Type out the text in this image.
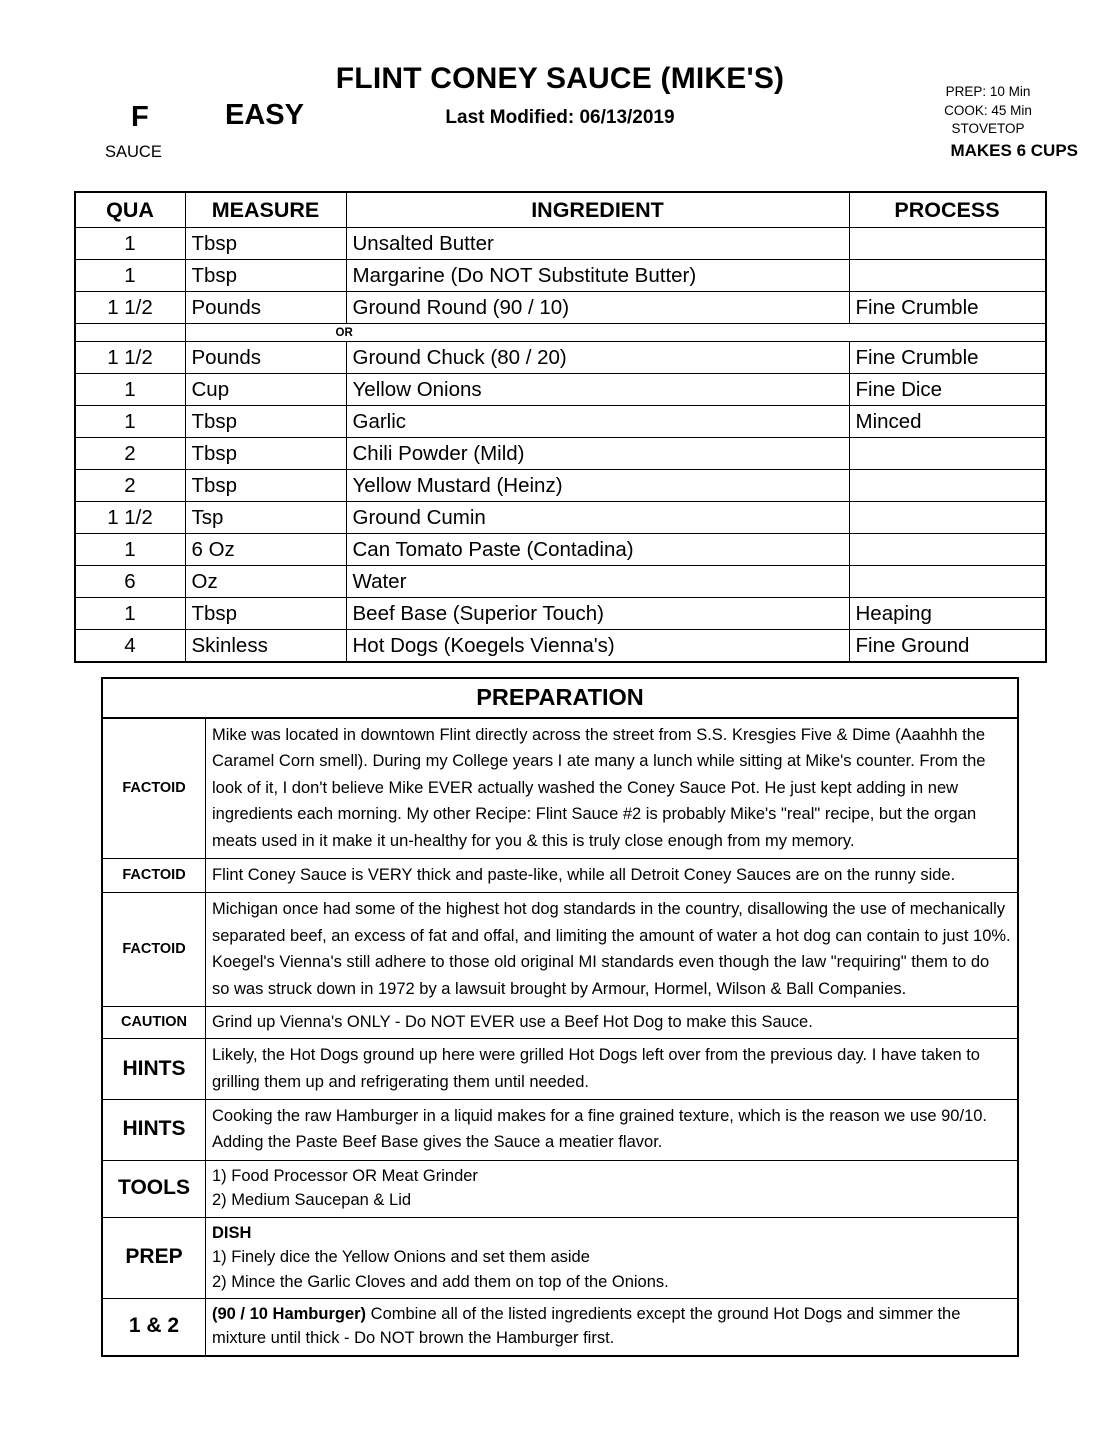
FLINT CONEY SAUCE (MIKE'S)
Last Modified: 06/13/2019
F	EASY
PREP: 10 Min
COOK: 45 Min
STOVETOP
SAUCE	MAKES 6 CUPS
QUA	MEASURE	INGREDIENT	PROCESS
1	Tbsp	Unsalted Butter	
1	Tbsp	Margarine (Do NOT Substitute Butter)	
1 1/2	Pounds	Ground Round (90 / 10)	Fine Crumble

	OR		

1 1/2	Pounds	Ground Chuck (80 / 20)	Fine Crumble
1	Cup	Yellow Onions	Fine Dice
1	Tbsp	Garlic	Minced
2	Tbsp	Chili Powder (Mild)	
2	Tbsp	Yellow Mustard (Heinz)	
1 1/2	Tsp	Ground Cumin	
1	6 Oz	Can Tomato Paste (Contadina)	
6	Oz	Water	
1	Tbsp	Beef Base (Superior Touch)	Heaping
4	Skinless	Hot Dogs (Koegels Vienna's)	Fine Ground
PREPARATION
FACTOID	Mike was located in downtown Flint directly across the street from S.S. Kresgies Five & Dime (Aaahhh the Caramel Corn smell). During my College years I ate many a lunch while sitting at Mike's counter. From the look of it, I don't believe Mike EVER actually washed the Coney Sauce Pot. He just kept adding in new ingredients each morning. My other Recipe: Flint Sauce #2 is probably Mike's "real" recipe, but the organ meats used in it make it un-healthy for you & this is truly close enough from my memory.
FACTOID	Flint Coney Sauce is VERY thick and paste-like, while all Detroit Coney Sauces are on the runny side.
FACTOID	Michigan once had some of the highest hot dog standards in the country, disallowing the use of mechanically separated beef, an excess of fat and offal, and limiting the amount of water a hot dog can contain to just 10%. Koegel's Vienna's still adhere to those old original MI standards even though the law "requiring" them to do so was struck down in 1972 by a lawsuit brought by Armour, Hormel, Wilson & Ball Companies.
CAUTION	Grind up Vienna's ONLY - Do NOT EVER use a Beef Hot Dog to make this Sauce.
HINTS	Likely, the Hot Dogs ground up here were grilled Hot Dogs left over from the previous day. I have taken to grilling them up and refrigerating them until needed.
HINTS	Cooking the raw Hamburger in a liquid makes for a fine grained texture, which is the reason we use 90/10. Adding the Paste Beef Base gives the Sauce a meatier flavor.
TOOLS	1) Food Processor OR Meat Grinder
2) Medium Saucepan & Lid

PREP	DISH
1) Finely dice the Yellow Onions and set them aside
2) Mince the Garlic Cloves and add them on top of the Onions.

1 & 2	(90 / 10 Hamburger) Combine all of the listed ingredients except the ground Hot Dogs and simmer the mixture until thick - Do NOT brown the Hamburger first.
